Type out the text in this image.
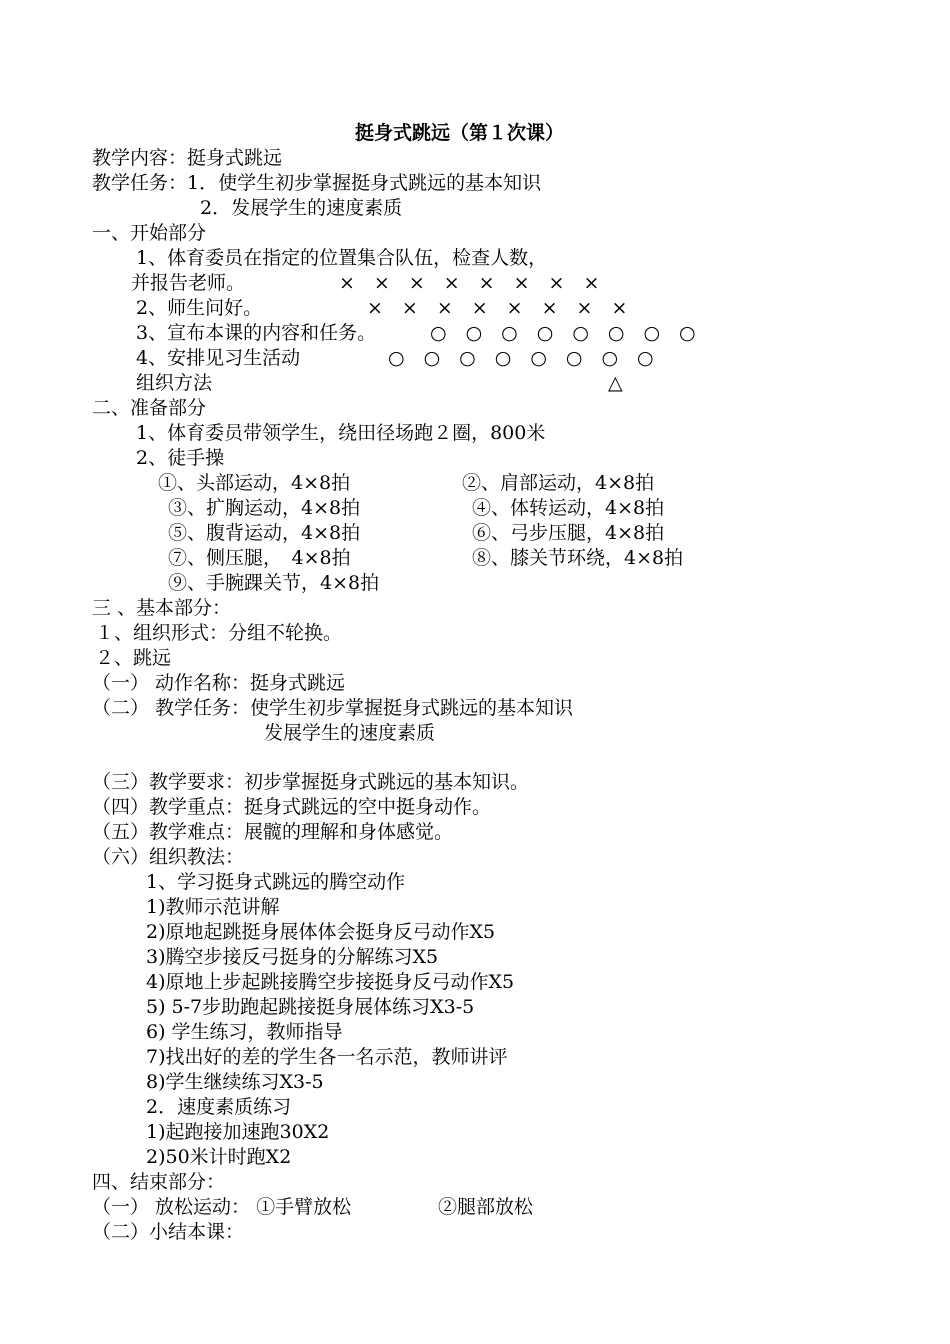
挺身式跳远（第１次课）
教学内容：挺身式跳远
教学任务：1．使学生初步掌握挺身式跳远的基本知识
2．发展学生的速度素质
一、开始部分
1、体育委员在指定的位置集合队伍，检查人数，
并报告老师。
2、师生问好。
3、宣布本课的内容和任务。
4、安排见习生活动
组织方法
×　×　×　×　×　×　×　×
×　×　×　×　×　×　×　×
○　○　○　○　○　○　○　○
○　○　○　○　○　○　○　○
△
二、准备部分
1、体育委员带领学生，绕田径场跑２圈，800米
2、徒手操
①、头部运动，4×8拍	②、肩部运动，4×8拍
③、扩胸运动，4×8拍	④、体转运动，4×8拍
⑤、腹背运动，4×8拍	⑥、弓步压腿，4×8拍
⑦、侧压腿，　4×8拍	⑧、膝关节环绕，4×8拍
⑨、手腕踝关节，4×8拍
三 、基本部分：
１、组织形式：分组不轮换。
２、跳远
（一） 动作名称：挺身式跳远
（二） 教学任务：使学生初步掌握挺身式跳远的基本知识
发展学生的速度素质
（三）教学要求：初步掌握挺身式跳远的基本知识。
（四）教学重点：挺身式跳远的空中挺身动作。
（五）教学难点：展髋的理解和身体感觉。
（六）组织教法：
1、学习挺身式跳远的腾空动作
1)教师示范讲解
2)原地起跳挺身展体体会挺身反弓动作X5
3)腾空步接反弓挺身的分解练习X5
4)原地上步起跳接腾空步接挺身反弓动作X5
5) 5-7步助跑起跳接挺身展体练习X3-5
6) 学生练习，教师指导
7)找出好的差的学生各一名示范，教师讲评
8)学生继续练习X3-5
2．速度素质练习
1)起跑接加速跑30X2
2)50米计时跑X2
四、结束部分：
（一） 放松运动： ①手臂放松	②腿部放松
（二）小结本课：
